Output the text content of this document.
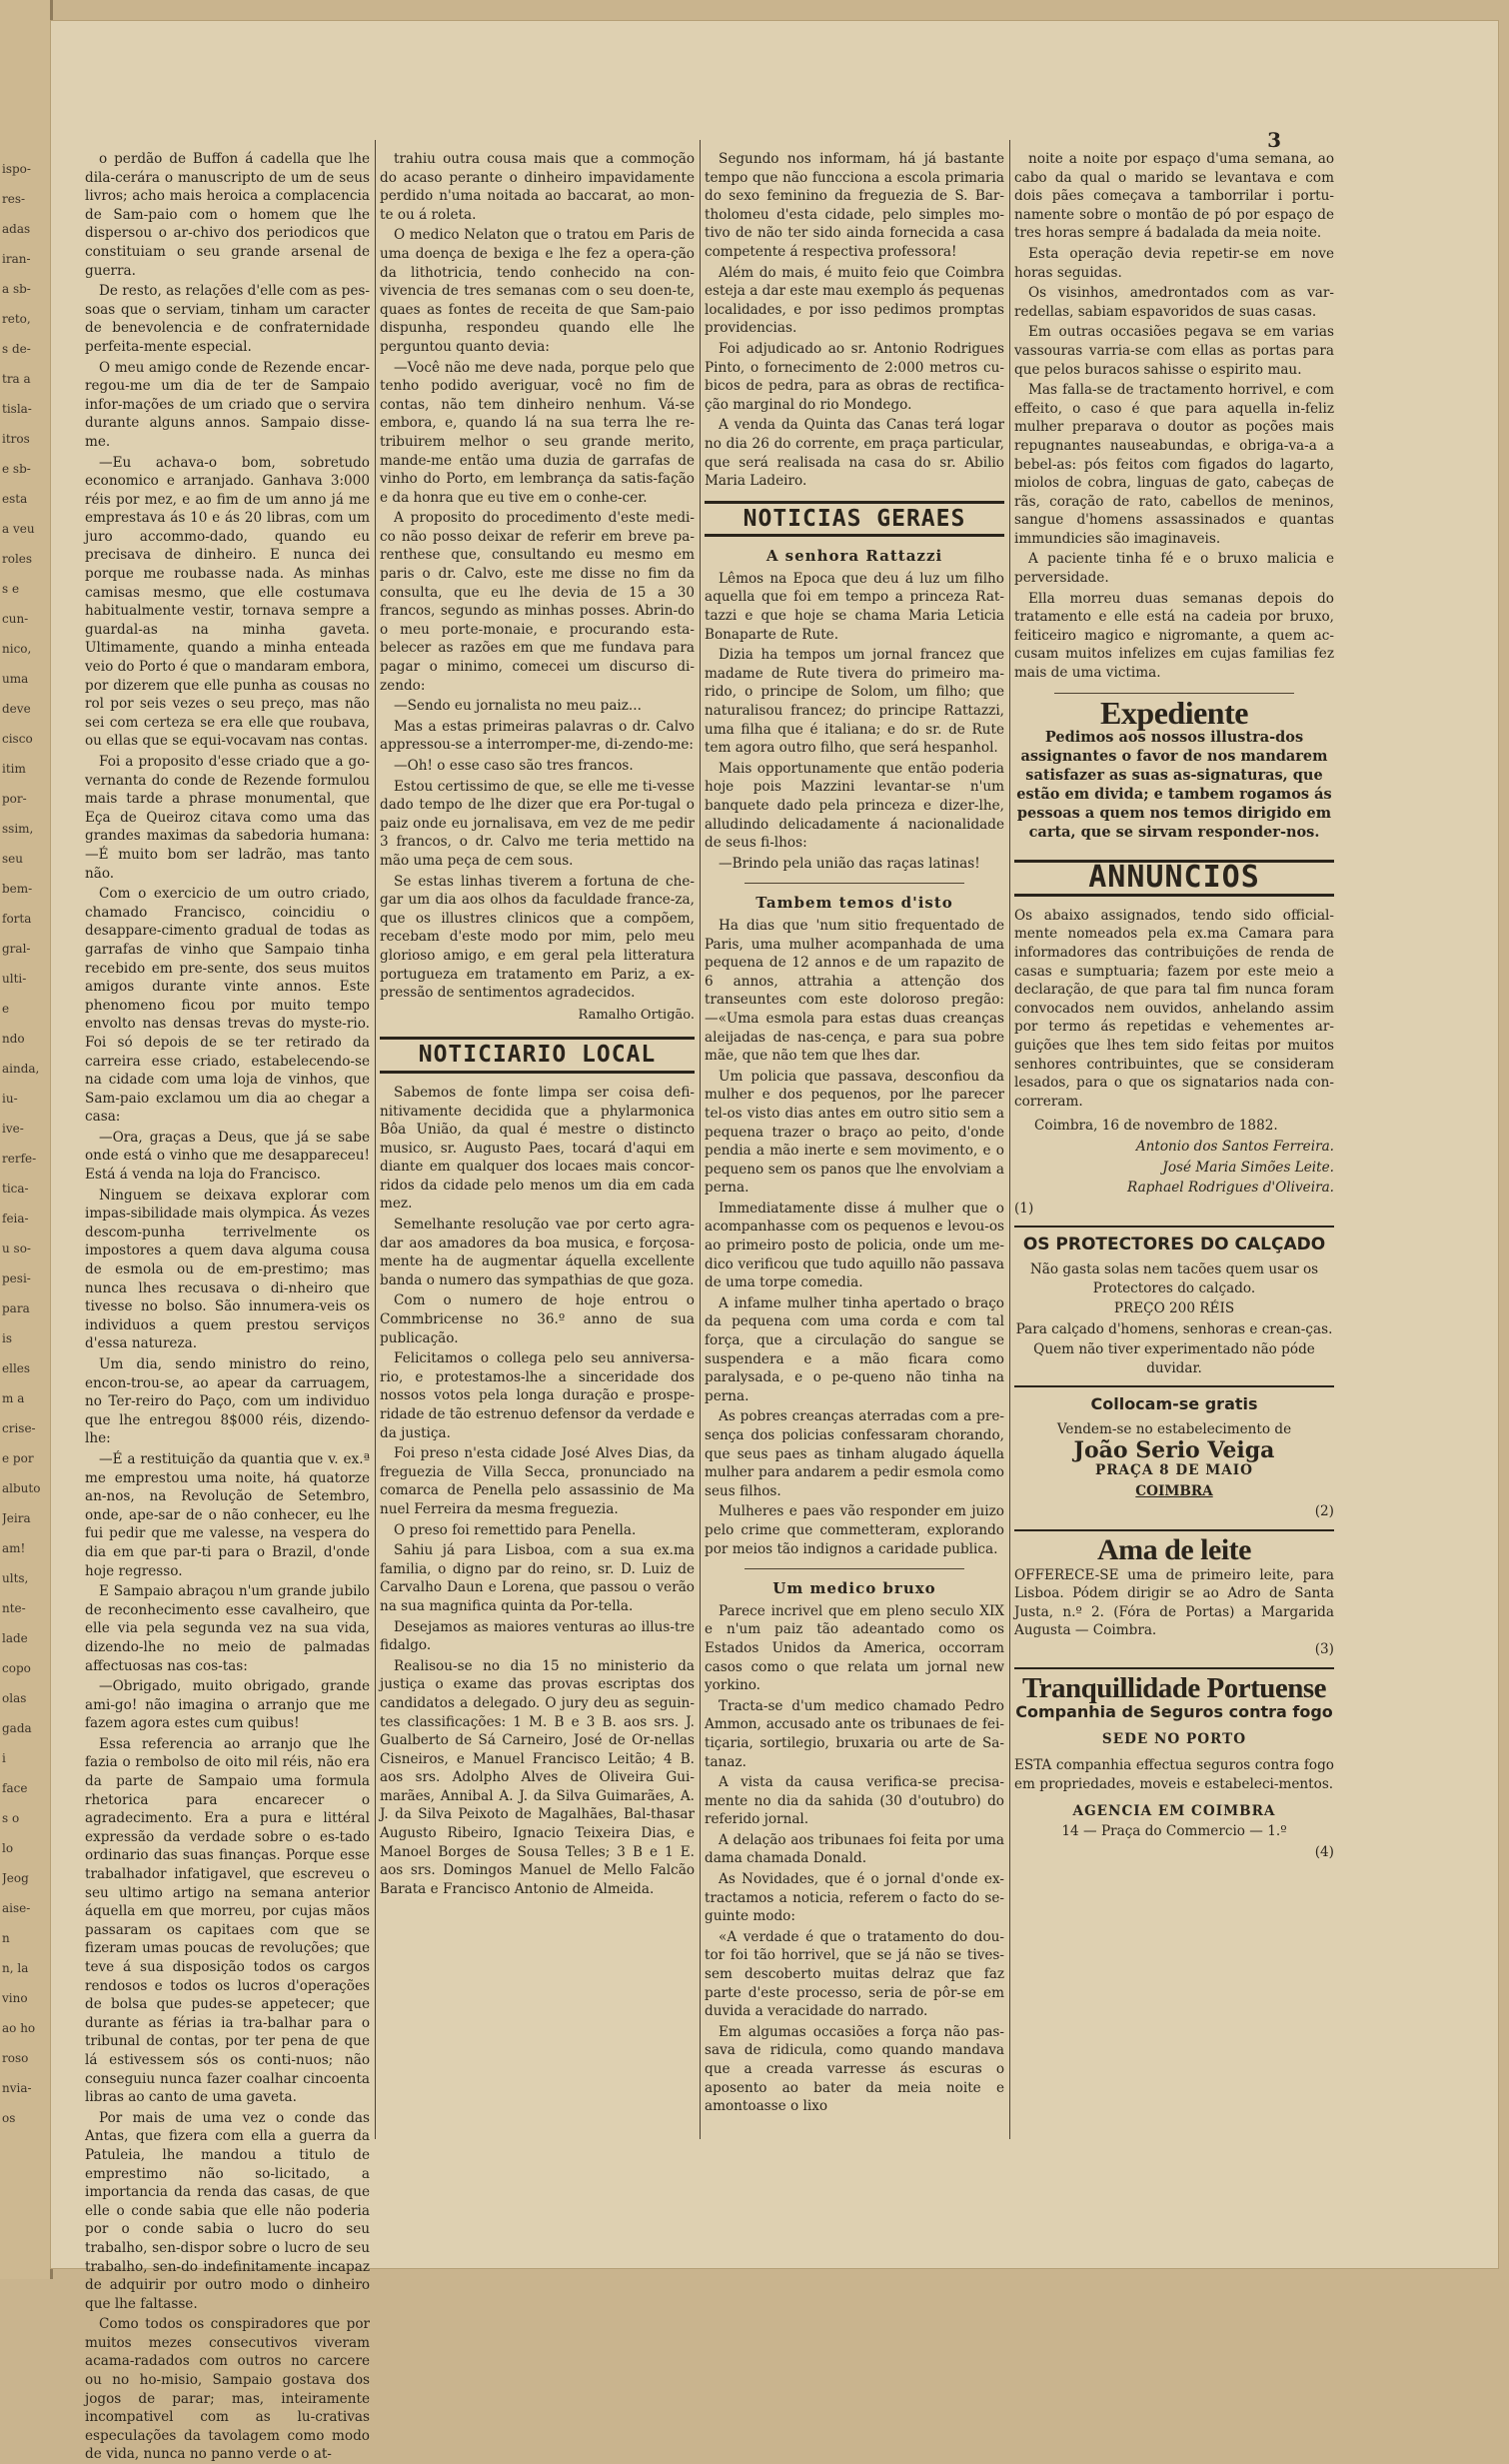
ispo-
res-
adas
iran-
a sb-
reto,
s de-
tra a
tisla-
itros
e sb-
esta
a veu
roles
s e
cun-
nico,
uma
deve
cisco
itim
por-
ssim,
seu
bem-
forta
gral-
ulti-
e
ndo
ainda,
iu-
ive-
rerfe-
tica-
feia-
u so-
pesi-
para
is
elles
m a
crise-
e por
albuto
Jeira
am!
ults,
nte-
lade
copo
olas
gada
i
face
s o
lo
Jeog
aise-
n
n, la
vino
ao ho
roso
nvia-
os
3

o perdão de Buffon á cadella que lhe dila-cerára o manuscripto de um de seus livros; acho mais heroica a complacencia de Sam-paio com o homem que lhe dispersou o ar-chivo dos periodicos que constituiam o seu grande arsenal de guerra.

De resto, as relações d'elle com as pes-soas que o serviam, tinham um caracter de benevolencia e de confraternidade perfeita-mente especial.

O meu amigo conde de Rezende encar-regou-me um dia de ter de Sampaio infor-mações de um criado que o servira durante alguns annos. Sampaio disse-me.

—Eu achava-o bom, sobretudo economico e arranjado. Ganhava 3:000 réis por mez, e ao fim de um anno já me emprestava ás 10 e ás 20 libras, com um juro accommo-dado, quando eu precisava de dinheiro. E nunca dei porque me roubasse nada. As minhas camisas mesmo, que elle costumava habitualmente vestir, tornava sempre a guardal-as na minha gaveta. Ultimamente, quando a minha enteada veio do Porto é que o mandaram embora, por dizerem que elle punha as cousas no rol por seis vezes o seu preço, mas não sei com certeza se era elle que roubava, ou ellas que se equi-vocavam nas contas.

Foi a proposito d'esse criado que a go-vernanta do conde de Rezende formulou mais tarde a phrase monumental, que Eça de Queiroz citava como uma das grandes maximas da sabedoria humana:—É muito bom ser ladrão, mas tanto não.

Com o exercicio de um outro criado, chamado Francisco, coincidiu o desappare-cimento gradual de todas as garrafas de vinho que Sampaio tinha recebido em pre-sente, dos seus muitos amigos durante vinte annos. Este phenomeno ficou por muito tempo envolto nas densas trevas do myste-rio. Foi só depois de se ter retirado da carreira esse criado, estabelecendo-se na cidade com uma loja de vinhos, que Sam-paio exclamou um dia ao chegar a casa:

—Ora, graças a Deus, que já se sabe onde está o vinho que me desappareceu! Está á venda na loja do Francisco.

Ninguem se deixava explorar com impas-sibilidade mais olympica. Ás vezes descom-punha terrivelmente os impostores a quem dava alguma cousa de esmola ou de em-prestimo; mas nunca lhes recusava o di-nheiro que tivesse no bolso. São innumera-veis os individuos a quem prestou serviços d'essa natureza.

Um dia, sendo ministro do reino, encon-trou-se, ao apear da carruagem, no Ter-reiro do Paço, com um individuo que lhe entregou 8$000 réis, dizendo-lhe:

—É a restituição da quantia que v. ex.ª me emprestou uma noite, há quatorze an-nos, na Revolução de Setembro, onde, ape-sar de o não conhecer, eu lhe fui pedir que me valesse, na vespera do dia em que par-ti para o Brazil, d'onde hoje regresso.

E Sampaio abraçou n'um grande jubilo de reconhecimento esse cavalheiro, que elle via pela segunda vez na sua vida, dizendo-lhe no meio de palmadas affectuosas nas cos-tas:

—Obrigado, muito obrigado, grande ami-go! não imagina o arranjo que me fazem agora estes cum quibus!

Essa referencia ao arranjo que lhe fazia o rembolso de oito mil réis, não era da parte de Sampaio uma formula rhetorica para encarecer o agradecimento. Era a pura e littéral expressão da verdade sobre o es-tado ordinario das suas finanças. Porque esse trabalhador infatigavel, que escreveu o seu ultimo artigo na semana anterior áquella em que morreu, por cujas mãos passaram os capitaes com que se fizeram umas poucas de revoluções; que teve á sua disposição todos os cargos rendosos e todos os lucros d'operações de bolsa que pudes-se appetecer; que durante as férias ia tra-balhar para o tribunal de contas, por ter pena de que lá estivessem sós os conti-nuos; não conseguiu nunca fazer coalhar cincoenta libras ao canto de uma gaveta.

Por mais de uma vez o conde das Antas, que fizera com ella a guerra da Patuleia, lhe mandou a titulo de emprestimo não so-licitado, a importancia da renda das casas, de que elle o conde sabia que elle não poderia por o conde sabia o lucro do seu trabalho, sen-dispor sobre o lucro de seu trabalho, sen-do indefinitamente incapaz de adquirir por outro modo o dinheiro que lhe faltasse.

Como todos os conspiradores que por muitos mezes consecutivos viveram acama-radados com outros no carcere ou no ho-misio, Sampaio gostava dos jogos de parar; mas, inteiramente incompativel com as lu-crativas especulações da tavolagem como modo de vida, nunca no panno verde o at-

trahiu outra cousa mais que a commoção do acaso perante o dinheiro impavidamente perdido n'uma noitada ao baccarat, ao mon-te ou á roleta.

O medico Nelaton que o tratou em Paris de uma doença de bexiga e lhe fez a opera-ção da lithotricia, tendo conhecido na con-vivencia de tres semanas com o seu doen-te, quaes as fontes de receita de que Sam-paio dispunha, respondeu quando elle lhe perguntou quanto devia:

—Você não me deve nada, porque pelo que tenho podido averiguar, você no fim de contas, não tem dinheiro nenhum. Vá-se embora, e, quando lá na sua terra lhe re-tribuirem melhor o seu grande merito, mande-me então uma duzia de garrafas de vinho do Porto, em lembrança da satis-fação e da honra que eu tive em o conhe-cer.

A proposito do procedimento d'este medi-co não posso deixar de referir em breve pa-renthese que, consultando eu mesmo em paris o dr. Calvo, este me disse no fim da consulta, que eu lhe devia de 15 a 30 francos, segundo as minhas posses. Abrin-do o meu porte-monaie, e procurando esta-belecer as razões em que me fundava para pagar o minimo, comecei um discurso di-zendo:

—Sendo eu jornalista no meu paiz...

Mas a estas primeiras palavras o dr. Calvo appressou-se a interromper-me, di-zendo-me:

—Oh! o esse caso são tres francos.

Estou certissimo de que, se elle me ti-vesse dado tempo de lhe dizer que era Por-tugal o paiz onde eu jornalisava, em vez de me pedir 3 francos, o dr. Calvo me teria mettido na mão uma peça de cem sous.

Se estas linhas tiverem a fortuna de che-gar um dia aos olhos da faculdade france-za, que os illustres clinicos que a compõem, recebam d'este modo por mim, pelo meu glorioso amigo, e em geral pela litteratura portugueza em tratamento em Pariz, a ex-pressão de sentimentos agradecidos.

Ramalho Ortigão.
NOTICIARIO LOCAL

Sabemos de fonte limpa ser coisa defi-nitivamente decidida que a phylarmonica Bôa União, da qual é mestre o distincto musico, sr. Augusto Paes, tocará d'aqui em diante em qualquer dos locaes mais concor-ridos da cidade pelo menos um dia em cada mez.

Semelhante resolução vae por certo agra-dar aos amadores da boa musica, e forçosa-mente ha de augmentar áquella excellente banda o numero das sympathias de que goza.

Com o numero de hoje entrou o Commbricense no 36.º anno de sua publicação.

Felicitamos o collega pelo seu anniversa-rio, e protestamos-lhe a sinceridade dos nossos votos pela longa duração e prospe-ridade de tão estrenuo defensor da verdade e da justiça.

Foi preso n'esta cidade José Alves Dias, da freguezia de Villa Secca, pronunciado na comarca de Penella pelo assassinio de Ma nuel Ferreira da mesma freguezia.

O preso foi remettido para Penella.

Sahiu já para Lisboa, com a sua ex.ma familia, o digno par do reino, sr. D. Luiz de Carvalho Daun e Lorena, que passou o verão na sua magnifica quinta da Por-tella.

Desejamos as maiores venturas ao illus-tre fidalgo.

Realisou-se no dia 15 no ministerio da justiça o exame das provas escriptas dos candidatos a delegado. O jury deu as seguin-tes classificações: 1 M. B e 3 B. aos srs. J. Gualberto de Sá Carneiro, José de Or-nellas Cisneiros, e Manuel Francisco Leitão; 4 B. aos srs. Adolpho Alves de Oliveira Gui-marães, Annibal A. J. da Silva Guimarães, A. J. da Silva Peixoto de Magalhães, Bal-thasar Augusto Ribeiro, Ignacio Teixeira Dias, e Manoel Borges de Sousa Telles; 3 B e 1 E. aos srs. Domingos Manuel de Mello Falcão Barata e Francisco Antonio de Almeida.

Segundo nos informam, há já bastante tempo que não funcciona a escola primaria do sexo feminino da freguezia de S. Bar-tholomeu d'esta cidade, pelo simples mo-tivo de não ter sido ainda fornecida a casa competente á respectiva professora!

Além do mais, é muito feio que Coimbra esteja a dar este mau exemplo ás pequenas localidades, e por isso pedimos promptas providencias.

Foi adjudicado ao sr. Antonio Rodrigues Pinto, o fornecimento de 2:000 metros cu-bicos de pedra, para as obras de rectifica-ção marginal do rio Mondego.

A venda da Quinta das Canas terá logar no dia 26 do corrente, em praça particular, que será realisada na casa do sr. Abilio Maria Ladeiro.

NOTICIAS GERAES
A senhora Rattazzi

Lêmos na Epoca que deu á luz um filho aquella que foi em tempo a princeza Rat-tazzi e que hoje se chama Maria Leticia Bonaparte de Rute.

Dizia ha tempos um jornal francez que madame de Rute tivera do primeiro ma-rido, o principe de Solom, um filho; que naturalisou francez; do principe Rattazzi, uma filha que é italiana; e do sr. de Rute tem agora outro filho, que será hespanhol.

Mais opportunamente que então poderia hoje pois Mazzini levantar-se n'um banquete dado pela princeza e dizer-lhe, alludindo delicadamente á nacionalidade de seus fi-lhos:

—Brindo pela união das raças latinas!

Tambem temos d'isto

Ha dias que 'num sitio frequentado de Paris, uma mulher acompanhada de uma pequena de 12 annos e de um rapazito de 6 annos, attrahia a attenção dos transeuntes com este doloroso pregão: —«Uma esmola para estas duas creanças aleijadas de nas-cença, e para sua pobre mãe, que não tem que lhes dar.

Um policia que passava, desconfiou da mulher e dos pequenos, por lhe parecer tel-os visto dias antes em outro sitio sem a pequena trazer o braço ao peito, d'onde pendia a mão inerte e sem movimento, e o pequeno sem os panos que lhe envolviam a perna.

Immediatamente disse á mulher que o acompanhasse com os pequenos e levou-os ao primeiro posto de policia, onde um me-dico verificou que tudo aquillo não passava de uma torpe comedia.

A infame mulher tinha apertado o braço da pequena com uma corda e com tal força, que a circulação do sangue se suspendera e a mão ficara como paralysada, e o pe-queno não tinha na perna.

As pobres creanças aterradas com a pre-sença dos policias confessaram chorando, que seus paes as tinham alugado áquella mulher para andarem a pedir esmola como seus filhos.

Mulheres e paes vão responder em juizo pelo crime que commetteram, explorando por meios tão indignos a caridade publica.

Um medico bruxo

Parece incrivel que em pleno seculo XIX e n'um paiz tão adeantado como os Estados Unidos da America, occorram casos como o que relata um jornal new yorkino.

Tracta-se d'um medico chamado Pedro Ammon, accusado ante os tribunaes de fei-tiçaria, sortilegio, bruxaria ou arte de Sa-tanaz.

A vista da causa verifica-se precisa-mente no dia da sahida (30 d'outubro) do referido jornal.

A delação aos tribunaes foi feita por uma dama chamada Donald.

As Novidades, que é o jornal d'onde ex-tractamos a noticia, referem o facto do se-guinte modo:

«A verdade é que o tratamento do dou-tor foi tão horrivel, que se já não se tives-sem descoberto muitas delraz que faz parte d'este processo, seria de pôr-se em duvida a veracidade do narrado.

Em algumas occasiões a força não pas-sava de ridicula, como quando mandava que a creada varresse ás escuras o aposento ao bater da meia noite e amontoasse o lixo

noite a noite por espaço d'uma semana, ao cabo da qual o marido se levantava e com dois pães começava a tamborrilar i portu-namente sobre o montão de pó por espaço de tres horas sempre á badalada da meia noite.

Esta operação devia repetir-se em nove horas seguidas.

Os visinhos, amedrontados com as var-redellas, sabiam espavoridos de suas casas.

Em outras occasiões pegava se em varias vassouras varria-se com ellas as portas para que pelos buracos sahisse o espirito mau.

Mas falla-se de tractamento horrivel, e com effeito, o caso é que para aquella in-feliz mulher preparava o doutor as poções mais repugnantes nauseabundas, e obriga-va-a a bebel-as: pós feitos com figados do lagarto, miolos de cobra, linguas de gato, cabeças de rãs, coração de rato, cabellos de meninos, sangue d'homens assassinados e quantas immundicies são imaginaveis.

A paciente tinha fé e o bruxo malicia e perversidade.

Ella morreu duas semanas depois do tratamento e elle está na cadeia por bruxo, feiticeiro magico e nigromante, a quem ac-cusam muitos infelizes em cujas familias fez mais de uma victima.

Expediente
Pedimos aos nossos illustra-dos assignantes o favor de nos mandarem satisfazer as suas as-signaturas, que estão em divida; e tambem rogamos ás pessoas a quem nos temos dirigido em carta, que se sirvam responder-nos.
ANNUNCIOS

Os abaixo assignados, tendo sido official-mente nomeados pela ex.ma Camara para informadores das contribuições de renda de casas e sumptuaria; fazem por este meio a declaração, de que para tal fim nunca foram convocados nem ouvidos, anhelando assim por termo ás repetidas e vehementes ar-guições que lhes tem sido feitas por muitos senhores contribuintes, que se consideram lesados, para o que os signatarios nada con-correram.

Coimbra, 16 de novembro de 1882.
Antonio dos Santos Ferreira.
José Maria Simões Leite.
Raphael Rodrigues d'Oliveira.
(1)
OS PROTECTORES DO CALÇADO
Não gasta solas nem tacões quem usar os Protectores do calçado.
PREÇO 200 RÉIS
Para calçado d'homens, senhoras e crean-ças.
Quem não tiver experimentado não póde duvidar.
Collocam-se gratis
Vendem-se no estabelecimento de
João Serio Veiga
PRAÇA 8 DE MAIO
COIMBRA
(2)
Ama de leite

OFFERECE-SE uma de primeiro leite, para Lisboa. Pódem dirigir se ao Adro de Santa Justa, n.º 2. (Fóra de Portas) a Margarida Augusta — Coimbra.

(3)
Tranquillidade Portuense
Companhia de Seguros contra fogo
SEDE NO PORTO

ESTA companhia effectua seguros contra fogo em propriedades, moveis e estabeleci-mentos.

AGENCIA EM COIMBRA
14 — Praça do Commercio — 1.º
(4)
